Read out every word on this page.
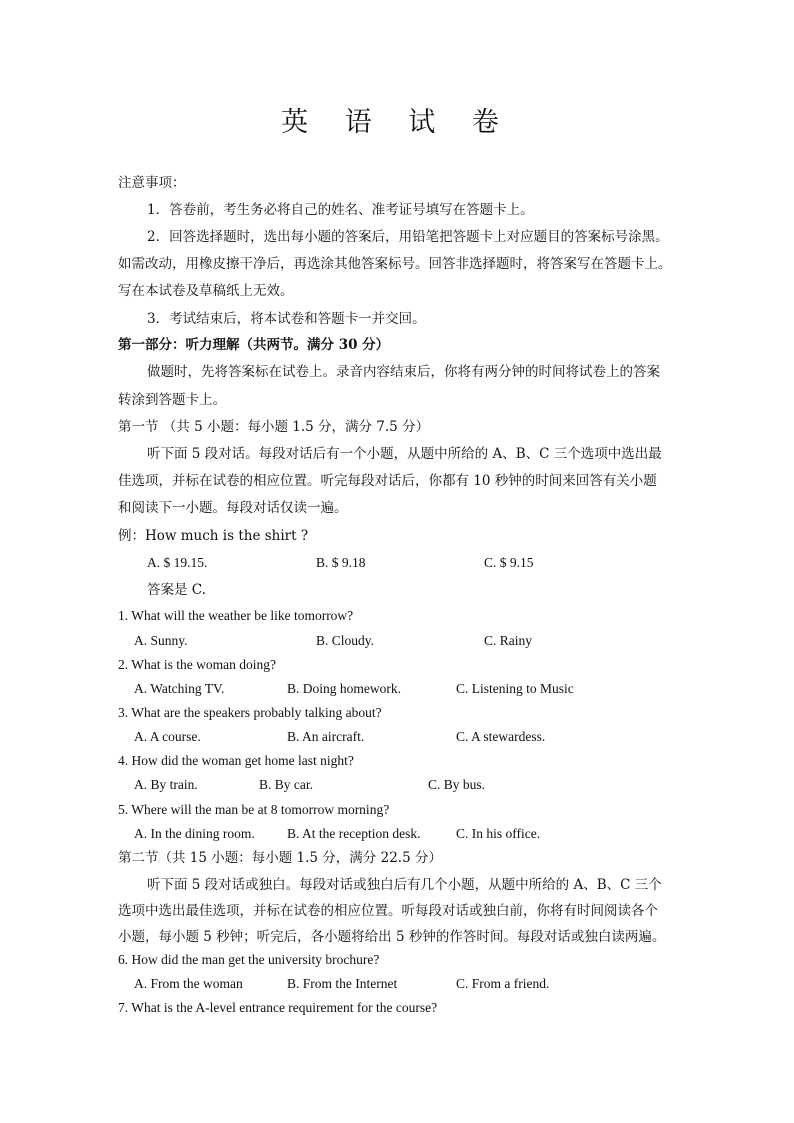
英 语 试 卷
注意事项：
1．答卷前，考生务必将自己的姓名、准考证号填写在答题卡上。
2．回答选择题时，选出每小题的答案后，用铅笔把答题卡上对应题目的答案标号涂黑。
如需改动，用橡皮擦干净后，再选涂其他答案标号。回答非选择题时，将答案写在答题卡上。
写在本试卷及草稿纸上无效。
3．考试结束后，将本试卷和答题卡一并交回。
第一部分：听力理解（共两节。满分 30 分）
做题时，先将答案标在试卷上。录音内容结束后，你将有两分钟的时间将试卷上的答案
转涂到答题卡上。
第一节 （共 5 小题：每小题 1.5 分，满分 7.5 分）
听下面 5 段对话。每段对话后有一个小题，从题中所给的 A、B、C 三个选项中选出最
佳选项，并标在试卷的相应位置。听完每段对话后，你都有 10 秒钟的时间来回答有关小题
和阅读下一小题。每段对话仅读一遍。
例：How much is the shirt ?
A. $ 19.15.	B. $ 9.18	C. $ 9.15
答案是 C.
1. What will the weather be like tomorrow?
A. Sunny.	B. Cloudy.	C. Rainy
2. What is the woman doing?
A. Watching TV.	B. Doing homework.	C. Listening to Music
3. What are the speakers probably talking about?
A. A course.	B. An aircraft.	C. A stewardess.
4. How did the woman get home last night?
A. By train.	B. By car.	C. By bus.
5. Where will the man be at 8 tomorrow morning?
A. In the dining room. B. At the reception desk.	C. In his office.
第二节（共 15 小题：每小题 1.5 分，满分 22.5 分）
听下面 5 段对话或独白。每段对话或独白后有几个小题，从题中所给的 A、B、C 三个
选项中选出最佳选项，并标在试卷的相应位置。听每段对话或独白前，你将有时间阅读各个
小题，每小题 5 秒钟；听完后，各小题将给出 5 秒钟的作答时间。每段对话或独白读两遍。
6. How did the man get the university brochure?
A. From the woman	B. From the Internet	C. From a friend.
7. What is the A-level entrance requirement for the course?
